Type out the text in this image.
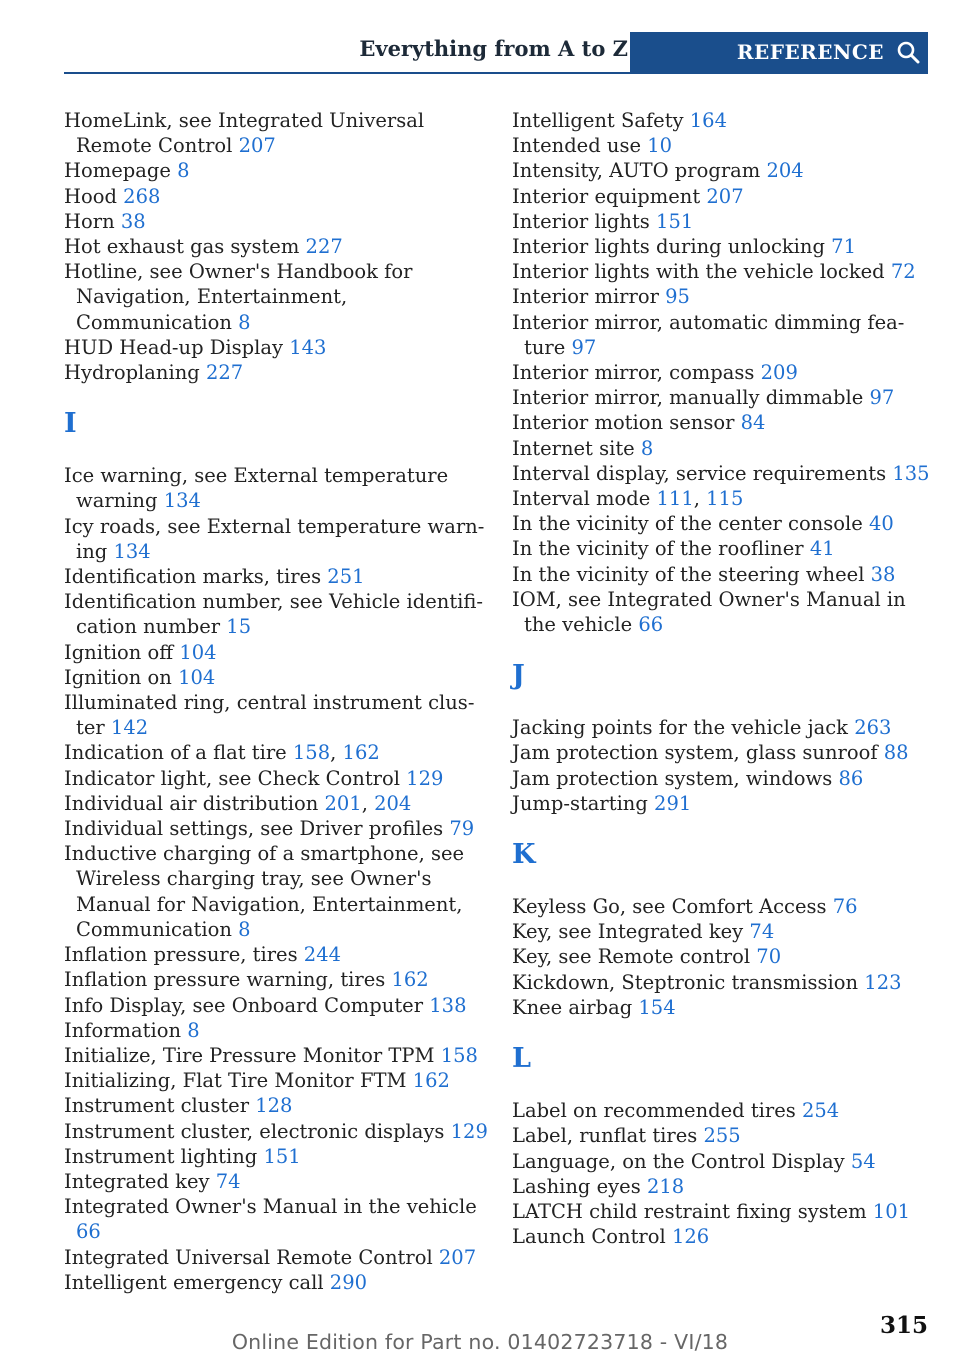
Everything from A to Z	REFERENCE
HomeLink, see Integrated Universal Remote Control 207
Homepage 8
Hood 268
Horn 38
Hot exhaust gas system 227
Hotline, see Owner's Handbook for Navigation, Entertainment, Communication 8
HUD Head-up Display 143
Hydroplaning 227
I
Ice warning, see External temperature warning 134
Icy roads, see External temperature warning 134
Identification marks, tires 251
Identification number, see Vehicle identification number 15
Ignition off 104
Ignition on 104
Illuminated ring, central instrument cluster 142
Indication of a flat tire 158, 162
Indicator light, see Check Control 129
Individual air distribution 201, 204
Individual settings, see Driver profiles 79
Inductive charging of a smartphone, see Wireless charging tray, see Owner's Manual for Navigation, Entertainment, Communication 8
Inflation pressure, tires 244
Inflation pressure warning, tires 162
Info Display, see Onboard Computer 138
Information 8
Initialize, Tire Pressure Monitor TPM 158
Initializing, Flat Tire Monitor FTM 162
Instrument cluster 128
Instrument cluster, electronic displays 129
Instrument lighting 151
Integrated key 74
Integrated Owner's Manual in the vehicle 66
Integrated Universal Remote Control 207
Intelligent emergency call 290
Intelligent Safety 164
Intended use 10
Intensity, AUTO program 204
Interior equipment 207
Interior lights 151
Interior lights during unlocking 71
Interior lights with the vehicle locked 72
Interior mirror 95
Interior mirror, automatic dimming feature 97
Interior mirror, compass 209
Interior mirror, manually dimmable 97
Interior motion sensor 84
Internet site 8
Interval display, service requirements 135
Interval mode 111, 115
In the vicinity of the center console 40
In the vicinity of the roofliner 41
In the vicinity of the steering wheel 38
IOM, see Integrated Owner's Manual in the vehicle 66
J
Jacking points for the vehicle jack 263
Jam protection system, glass sunroof 88
Jam protection system, windows 86
Jump-starting 291
K
Keyless Go, see Comfort Access 76
Key, see Integrated key 74
Key, see Remote control 70
Kickdown, Steptronic transmission 123
Knee airbag 154
L
Label on recommended tires 254
Label, runflat tires 255
Language, on the Control Display 54
Lashing eyes 218
LATCH child restraint fixing system 101
Launch Control 126
315
Online Edition for Part no. 01402723718 - VI/18
